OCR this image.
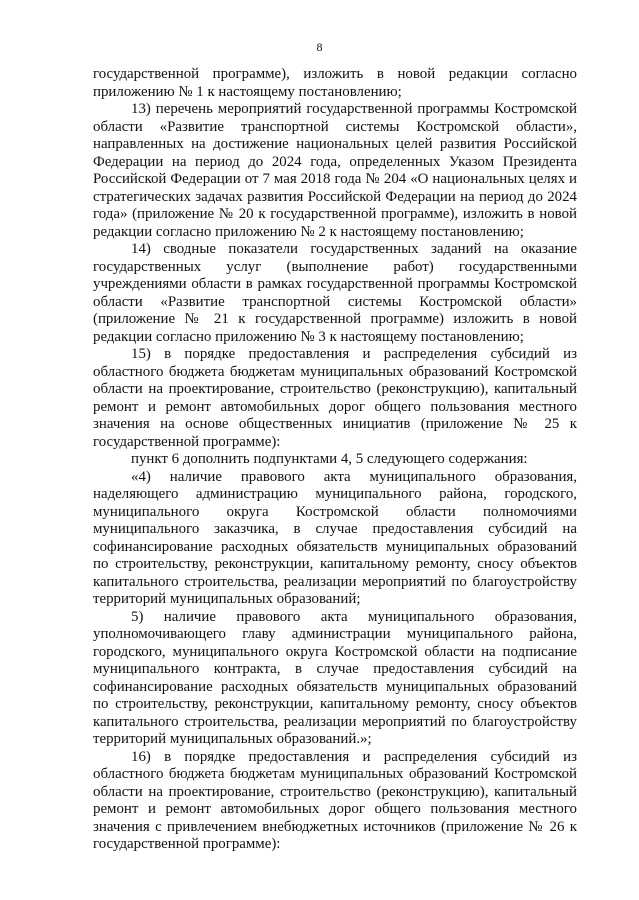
8

государственной программе), изложить в новой редакции согласно приложению № 1 к настоящему постановлению;

13) перечень мероприятий государственной программы Костромской области «Развитие транспортной системы Костромской области», направленных на достижение национальных целей развития Российской Федерации на период до 2024 года, определенных Указом Президента Российской Федерации от 7 мая 2018 года № 204 «О национальных целях и стратегических задачах развития Российской Федерации на период до 2024 года» (приложение № 20 к государственной программе), изложить в новой редакции согласно приложению № 2 к настоящему постановлению;

14) сводные показатели государственных заданий на оказание государственных услуг (выполнение работ) государственными учреждениями области в рамках государственной программы Костромской области «Развитие транспортной системы Костромской области» (приложение № 21 к государственной программе) изложить в новой редакции согласно приложению № 3 к настоящему постановлению;

15) в порядке предоставления и распределения субсидий из областного бюджета бюджетам муниципальных образований Костромской области на проектирование, строительство (реконструкцию), капитальный ремонт и ремонт автомобильных дорог общего пользования местного значения на основе общественных инициатив (приложение № 25 к государственной программе):

пункт 6 дополнить подпунктами 4, 5 следующего содержания:

«4) наличие правового акта муниципального образования, наделяющего администрацию муниципального района, городского, муниципального округа Костромской области полномочиями муниципального заказчика, в случае предоставления субсидий на софинансирование расходных обязательств муниципальных образований по строительству, реконструкции, капитальному ремонту, сносу объектов капитального строительства, реализации мероприятий по благоустройству территорий муниципальных образований;

5) наличие правового акта муниципального образования, уполномочивающего главу администрации муниципального района, городского, муниципального округа Костромской области на подписание муниципального контракта, в случае предоставления субсидий на софинансирование расходных обязательств муниципальных образований по строительству, реконструкции, капитальному ремонту, сносу объектов капитального строительства, реализации мероприятий по благоустройству территорий муниципальных образований.»;

16) в порядке предоставления и распределения субсидий из областного бюджета бюджетам муниципальных образований Костромской области на проектирование, строительство (реконструкцию), капитальный ремонт и ремонт автомобильных дорог общего пользования местного значения с привлечением внебюджетных источников (приложение № 26 к государственной программе):
